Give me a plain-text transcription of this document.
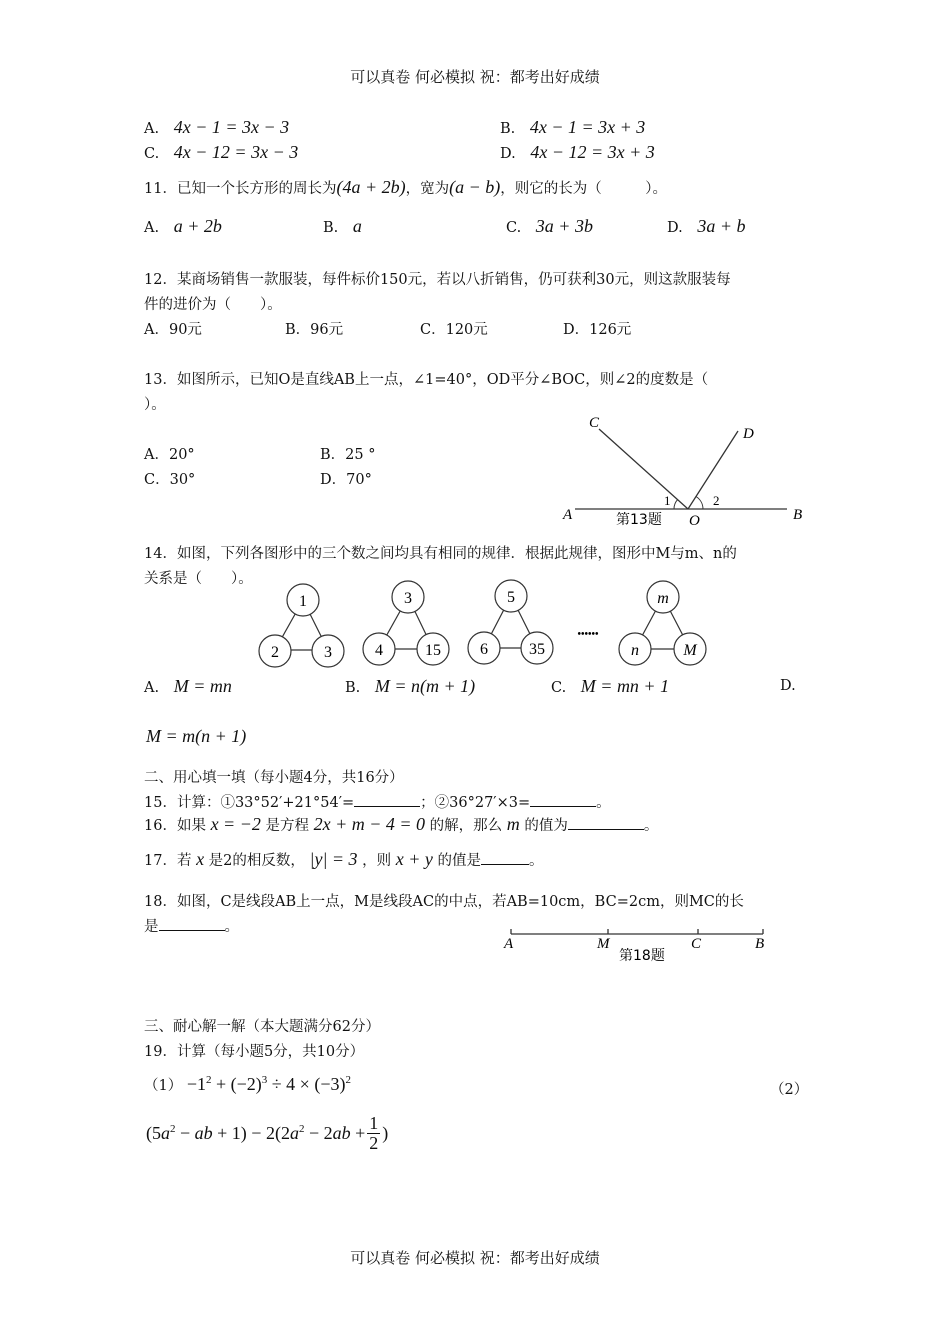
可以真卷 何必模拟 祝：都考出好成绩
A. 4x − 1 = 3x − 3	B. 4x − 1 = 3x + 3
C. 4x − 12 = 3x − 3	D. 4x − 12 = 3x + 3
11．已知一个长方形的周长为(4a + 2b)，宽为(a − b)，则它的长为（　　　）。
A. a + 2b	B. a	C. 3a + 3b	D. 3a + b
12．某商场销售一款服装，每件标价150元，若以八折销售，仍可获利30元，则这款服装每
件的进价为（　　）。
A．90元	B．96元	C．120元	D．126元
13．如图所示，已知O是直线AB上一点，∠1=40°，OD平分∠BOC，则∠2的度数是（
）。
A．20°	B．25 °
C．30°	D．70°
C
D
A	O	B
1	2
第13题
14．如图，下列各图形中的三个数之间均具有相同的规律．根据此规律，图形中M与m、n的
关系是（　　）。
1
2	3
3
4	15
5
6	35
••••••
m
n	M
A. M = mn	B. M = n(m + 1)	C. M = mn + 1	D.
M = m(n + 1)
二、用心填一填（每小题4分，共16分）
15．计算：①33°52′+21°54′=	；②36°27′×3=	。
16．如果 x = −2 是方程 2x + m − 4 = 0 的解，那么 m 的值为	。
17．若 x 是2的相反数， |y| = 3 ，则 x + y 的值是	。
18．如图，C是线段AB上一点，M是线段AC的中点，若AB=10cm，BC=2cm，则MC的长
是	。
A	M	C	B
第18题
三、耐心解一解（本大题满分62分）
19．计算（每小题5分，共10分）
$(1) -1^2 + (-2)^3 \div 4 \times (-3)^2$
（2）
($5a^2$ − ab + $1) - 2(2a^2 - 2ab + \frac{1}{2}$ )
可以真卷 何必模拟 祝：都考出好成绩
